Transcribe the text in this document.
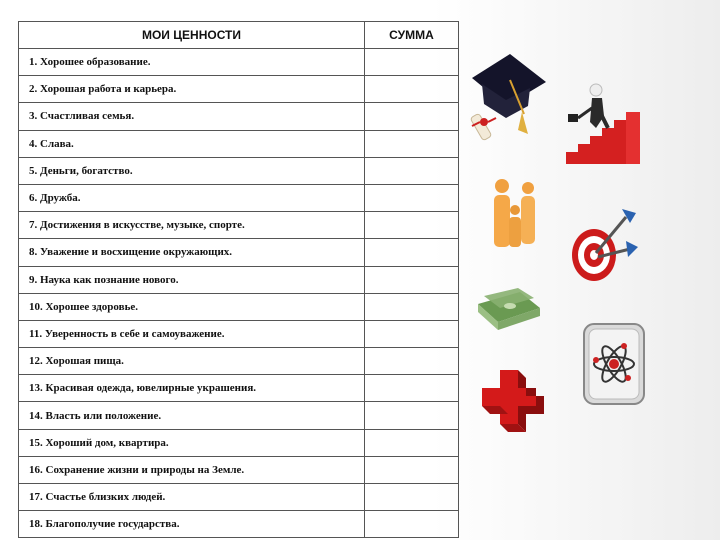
МОИ ЦЕННОСТИ	СУММА
1. Хорошее образование.	
2. Хорошая работа и карьера.	
3. Счастливая семья.	
4. Слава.	
5. Деньги, богатство.	
6. Дружба.	
7. Достижения в искусстве, музыке, спорте.	
8. Уважение и восхищение окружающих.	
9. Наука как познание нового.	
10. Хорошее здоровье.	
11. Уверенность в себе и самоуважение.	
12. Хорошая пища.	
13. Красивая одежда, ювелирные украшения.	
14. Власть или положение.	
15. Хороший дом, квартира.	
16. Сохранение жизни и природы на Земле.	
17. Счастье близких людей.	
18. Благополучие государства.	
